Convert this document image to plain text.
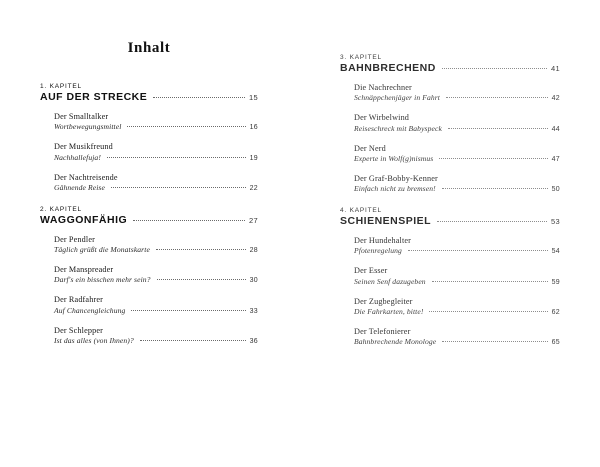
Inhalt
1. KAPITEL
AUF DER STRECKE	15
Der Smalltalker
Wortbewegungsmittel	16
Der Musikfreund
Nachhallefuja!	19
Der Nachtreisende
Gähnende Reise	22
2. KAPITEL
WAGGONFÄHIG	27
Der Pendler
Täglich grüßt die Monatskarte	28
Der Manspreader
Darf's ein bisschen mehr sein?	30
Der Radfahrer
Auf Chancengleichung	33
Der Schlepper
Ist das alles (von Ihnen)?	36
3. KAPITEL
BAHNBRECHEND	41
Die Nachrechner
Schnäppchenjäger in Fahrt	42
Der Wirbelwind
Reiseschreck mit Babyspeck	44
Der Nerd
Experte in Wolf(g)nismus	47
Der Graf-Bobby-Kenner
Einfach nicht zu bremsen!	50
4. KAPITEL
SCHIENENSPIEL	53
Der Hundehalter
Pfotenregelung	54
Der Esser
Seinen Senf dazugeben	59
Der Zugbegleiter
Die Fahrkarten, bitte!	62
Der Telefonierer
Bahnbrechende Monologe	65
